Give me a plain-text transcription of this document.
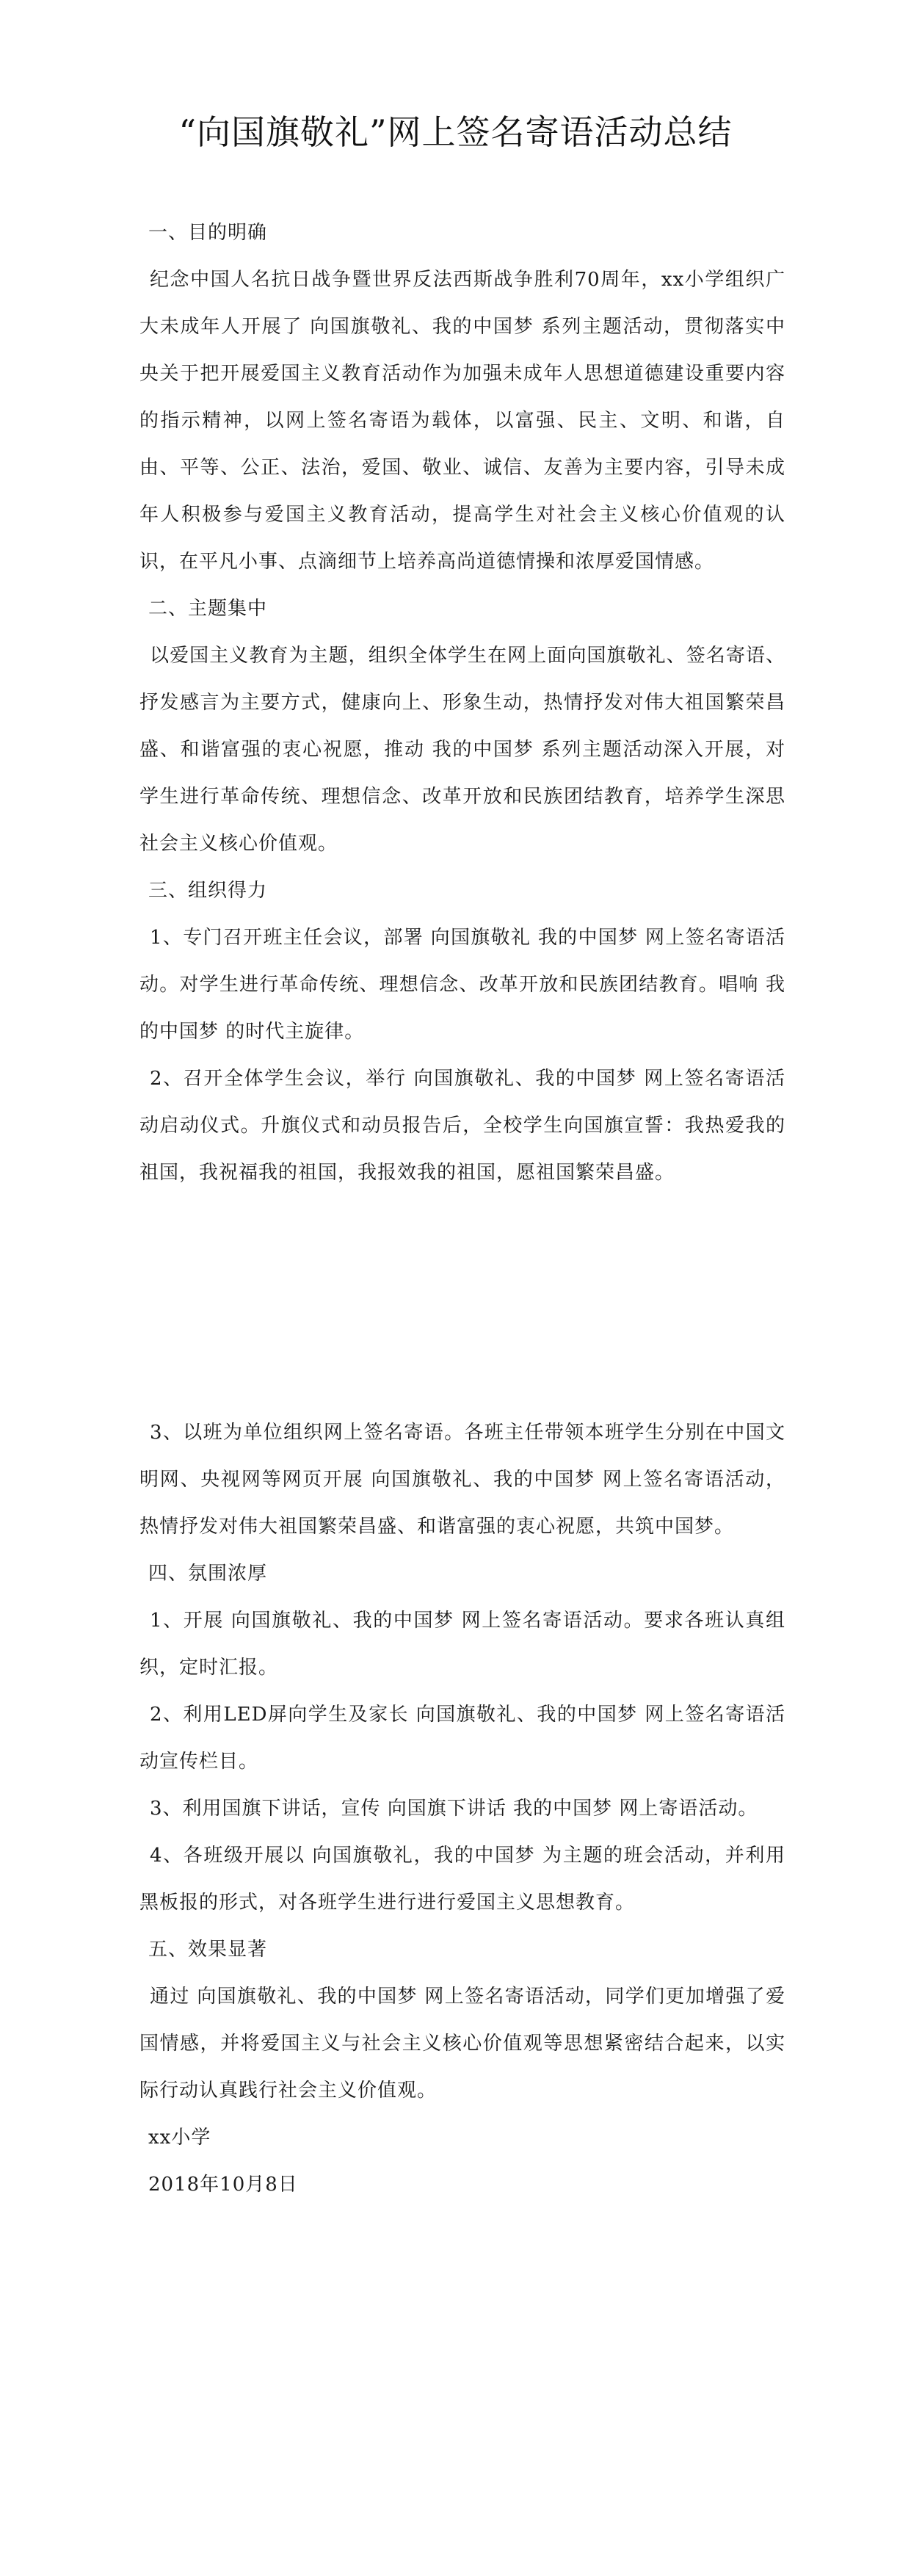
“向国旗敬礼”网上签名寄语活动总结

一、目的明确

纪念中国人名抗日战争暨世界反法西斯战争胜利70周年，xx小学组织广大未成年人开展了 向国旗敬礼、我的中国梦 系列主题活动，贯彻落实中央关于把开展爱国主义教育活动作为加强未成年人思想道德建设重要内容的指示精神，以网上签名寄语为载体，以富强、民主、文明、和谐，自由、平等、公正、法治，爱国、敬业、诚信、友善为主要内容，引导未成年人积极参与爱国主义教育活动，提高学生对社会主义核心价值观的认识，在平凡小事、点滴细节上培养高尚道德情操和浓厚爱国情感。

二、主题集中

以爱国主义教育为主题，组织全体学生在网上面向国旗敬礼、签名寄语、抒发感言为主要方式，健康向上、形象生动，热情抒发对伟大祖国繁荣昌盛、和谐富强的衷心祝愿，推动 我的中国梦 系列主题活动深入开展，对学生进行革命传统、理想信念、改革开放和民族团结教育，培养学生深思社会主义核心价值观。

三、组织得力

1、专门召开班主任会议，部署 向国旗敬礼 我的中国梦 网上签名寄语活动。对学生进行革命传统、理想信念、改革开放和民族团结教育。唱响 我的中国梦 的时代主旋律。

2、召开全体学生会议，举行 向国旗敬礼、我的中国梦 网上签名寄语活动启动仪式。升旗仪式和动员报告后，全校学生向国旗宣誓：我热爱我的祖国，我祝福我的祖国，我报效我的祖国，愿祖国繁荣昌盛。

3、以班为单位组织网上签名寄语。各班主任带领本班学生分别在中国文明网、央视网等网页开展 向国旗敬礼、我的中国梦 网上签名寄语活动，热情抒发对伟大祖国繁荣昌盛、和谐富强的衷心祝愿，共筑中国梦。

四、氛围浓厚

1、开展 向国旗敬礼、我的中国梦 网上签名寄语活动。要求各班认真组织，定时汇报。

2、利用LED屏向学生及家长 向国旗敬礼、我的中国梦 网上签名寄语活动宣传栏目。

3、利用国旗下讲话，宣传 向国旗下讲话 我的中国梦 网上寄语活动。

4、各班级开展以 向国旗敬礼，我的中国梦 为主题的班会活动，并利用黑板报的形式，对各班学生进行进行爱国主义思想教育。

五、效果显著

通过 向国旗敬礼、我的中国梦 网上签名寄语活动，同学们更加增强了爱国情感，并将爱国主义与社会主义核心价值观等思想紧密结合起来，以实际行动认真践行社会主义价值观。

xx小学

2018年10月8日
